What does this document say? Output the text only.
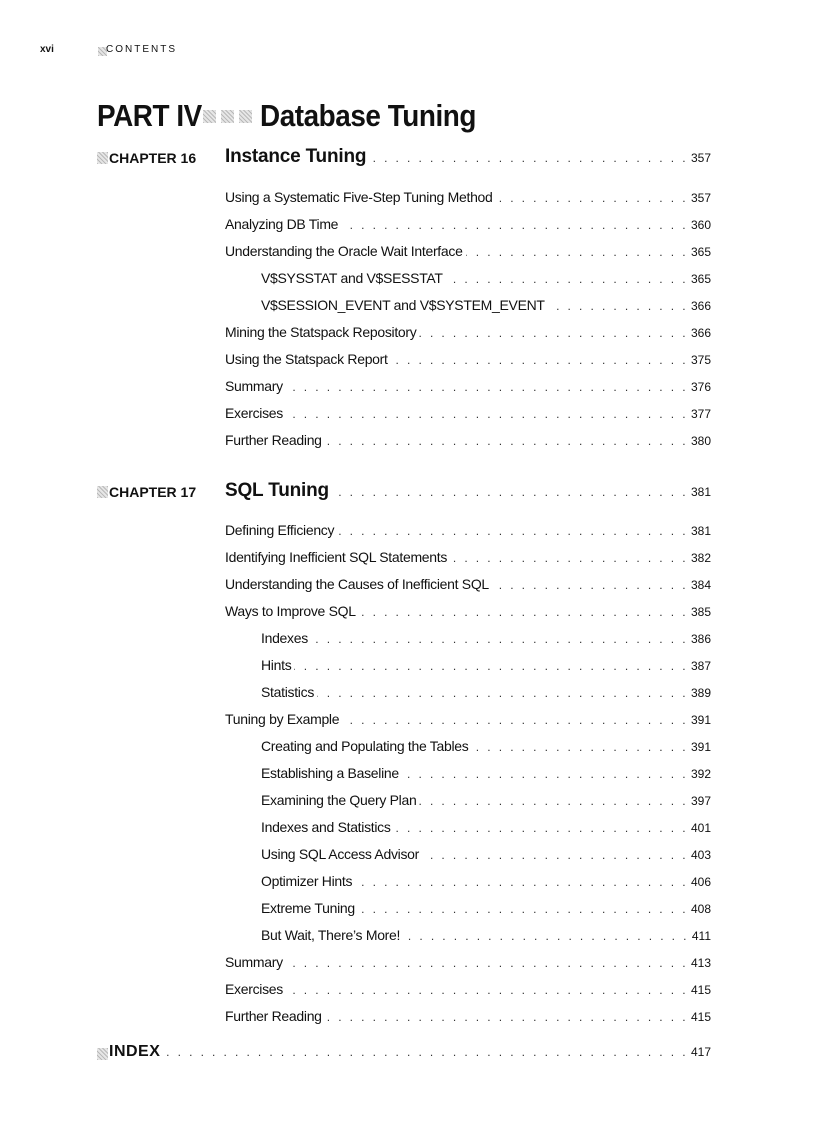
xvi	CONTENTS
PART IV Database Tuning
CHAPTER 16 Instance Tuning . . .	357
Using a Systematic Five-Step Tuning Method . . .	357
Analyzing DB Time . . .	360
Understanding the Oracle Wait Interface . . .	365
V$SYSSTAT and V$SESSTAT . . .	365
V$SESSION_EVENT and V$SYSTEM_EVENT . . .	366
Mining the Statspack Repository . . .	366
Using the Statspack Report . . .	375
Summary . . .	376
Exercises . . .	377
Further Reading . . .	380
CHAPTER 17 SQL Tuning . . .	381
Defining Efficiency . . .	381
Identifying Inefficient SQL Statements . . .	382
Understanding the Causes of Inefficient SQL . . .	384
Ways to Improve SQL . . .	385
Indexes . . .	386
Hints . . .	387
Statistics . . .	389
Tuning by Example . . .	391
Creating and Populating the Tables . . .	391
Establishing a Baseline . . .	392
Examining the Query Plan . . .	397
Indexes and Statistics . . .	401
Using SQL Access Advisor . . .	403
Optimizer Hints . . .	406
Extreme Tuning . . .	408
But Wait, There’s More! . . .	411
Summary . . .	413
Exercises . . .	415
Further Reading . . .	415
INDEX . . .	417
